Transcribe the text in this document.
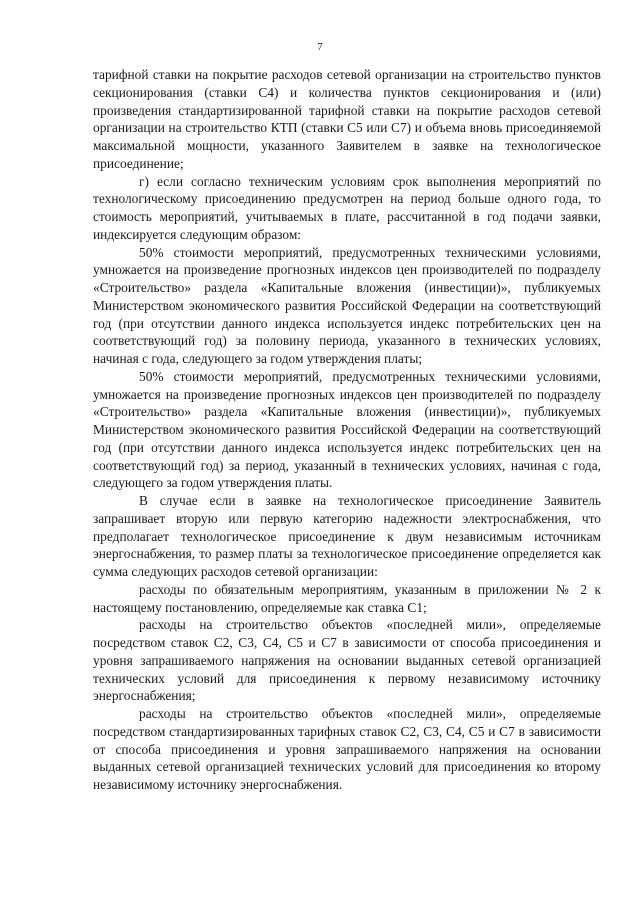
7

тарифной ставки на покрытие расходов сетевой организации на строительство пунктов секционирования (ставки С4) и количества пунктов секционирования и (или) произведения стандартизированной тарифной ставки на покрытие расходов сетевой организации на строительство КТП (ставки С5 или С7) и объема вновь присоединяемой максимальной мощности, указанного Заявителем в заявке на технологическое присоединение;

г) если согласно техническим условиям срок выполнения мероприятий по технологическому присоединению предусмотрен на период больше одного года, то стоимость мероприятий, учитываемых в плате, рассчитанной в год подачи заявки, индексируется следующим образом:

50% стоимости мероприятий, предусмотренных техническими условиями, умножается на произведение прогнозных индексов цен производителей по подразделу «Строительство» раздела «Капитальные вложения (инвестиции)», публикуемых Министерством экономического развития Российской Федерации на соответствующий год (при отсутствии данного индекса используется индекс потребительских цен на соответствующий год) за половину периода, указанного в технических условиях, начиная с года, следующего за годом утверждения платы;

50% стоимости мероприятий, предусмотренных техническими условиями, умножается на произведение прогнозных индексов цен производителей по подразделу «Строительство» раздела «Капитальные вложения (инвестиции)», публикуемых Министерством экономического развития Российской Федерации на соответствующий год (при отсутствии данного индекса используется индекс потребительских цен на соответствующий год) за период, указанный в технических условиях, начиная с года, следующего за годом утверждения платы.

В случае если в заявке на технологическое присоединение Заявитель запрашивает вторую или первую категорию надежности электроснабжения, что предполагает технологическое присоединение к двум независимым источникам энергоснабжения, то размер платы за технологическое присоединение определяется как сумма следующих расходов сетевой организации:

расходы по обязательным мероприятиям, указанным в приложении № 2 к настоящему постановлению, определяемые как ставка С1;

расходы на строительство объектов «последней мили», определяемые посредством ставок С2, С3, С4, С5 и С7 в зависимости от способа присоединения и уровня запрашиваемого напряжения на основании выданных сетевой организацией технических условий для присоединения к первому независимому источнику энергоснабжения;

расходы на строительство объектов «последней мили», определяемые посредством стандартизированных тарифных ставок С2, С3, С4, С5 и С7 в зависимости от способа присоединения и уровня запрашиваемого напряжения на основании выданных сетевой организацией технических условий для присоединения ко второму независимому источнику энергоснабжения.
